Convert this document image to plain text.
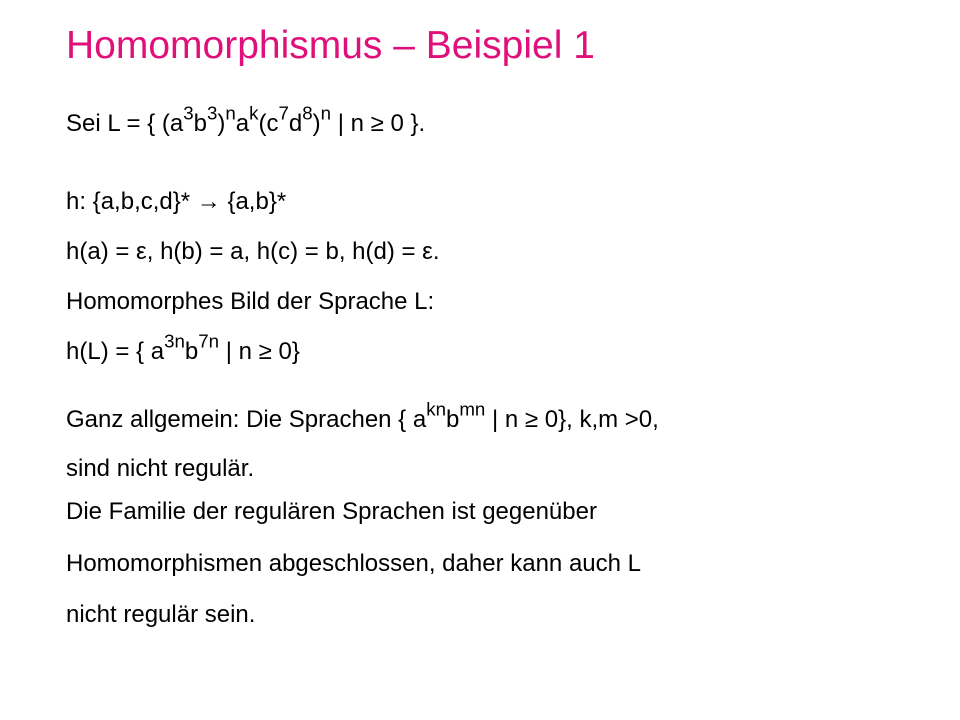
Homomorphismus – Beispiel 1
Sei L = { $(a^3b^3)^na^k(c^7d^8)^n$ | n ≥ 0 }.
h: {a,b,c,d}* → {a,b}*
h(a) = ε, h(b) = a, h(c) = b, h(d) = ε.
Homomorphes Bild der Sprache L:
h(L) = { $a^{3n}b^{7n}$ | n ≥ 0}
Ganz allgemein: Die Sprachen { $a^{kn}b^{mn}$ | n ≥ 0}, k,m >0,
sind nicht regulär.
Die Familie der regulären Sprachen ist gegenüber
Homomorphismen abgeschlossen, daher kann auch L
nicht regulär sein.
